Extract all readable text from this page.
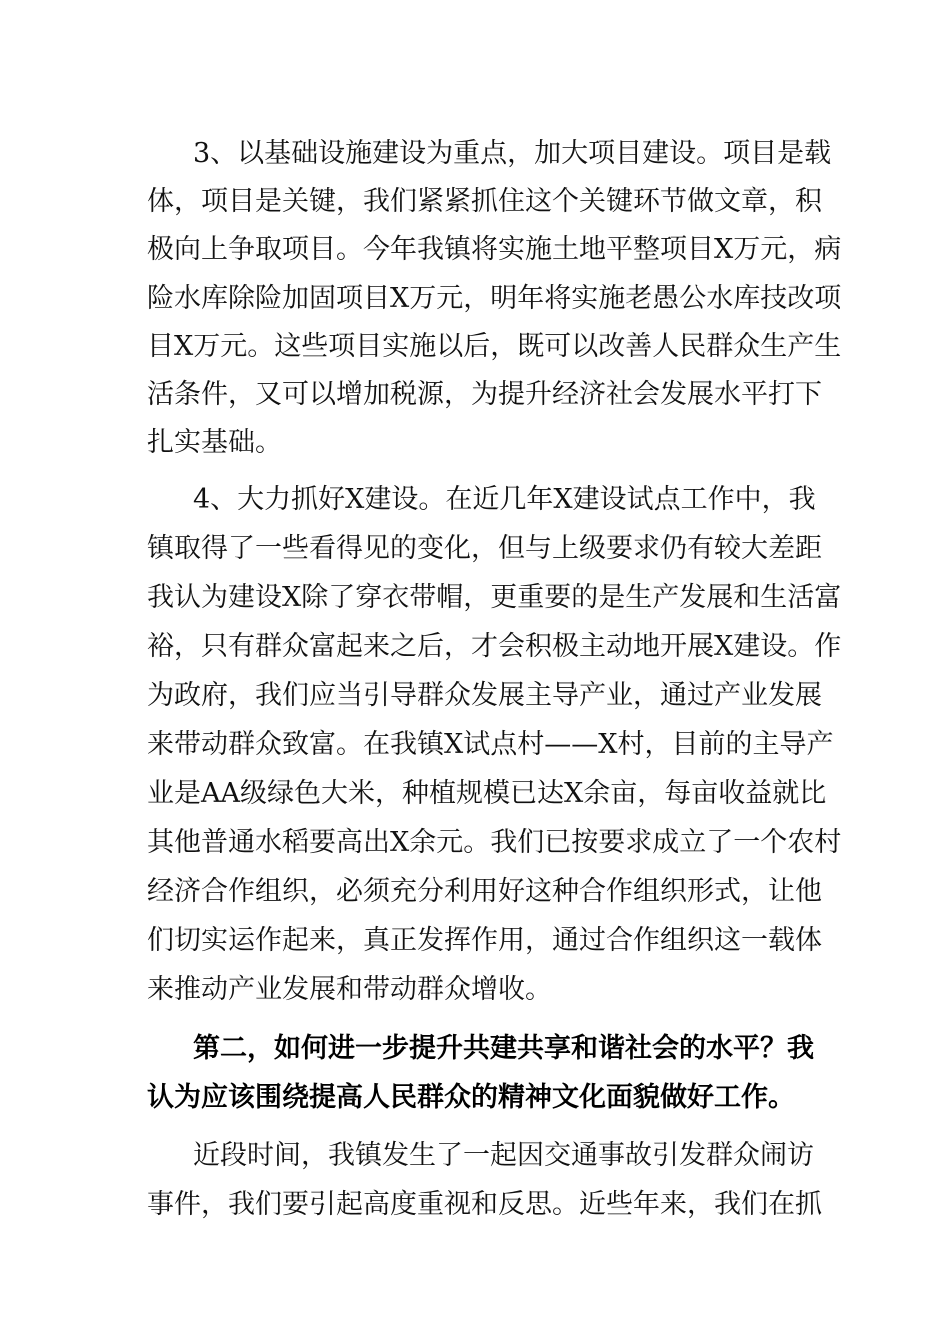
3、以基础设施建设为重点，加大项目建设。项目是载
体，项目是关键，我们紧紧抓住这个关键环节做文章，积
极向上争取项目。今年我镇将实施土地平整项目X万元，病
险水库除险加固项目X万元，明年将实施老愚公水库技改项
目X万元。这些项目实施以后，既可以改善人民群众生产生
活条件，又可以增加税源，为提升经济社会发展水平打下
扎实基础。
4、大力抓好X建设。在近几年X建设试点工作中，我
镇取得了一些看得见的变化，但与上级要求仍有较大差距
我认为建设X除了穿衣带帽，更重要的是生产发展和生活富
裕，只有群众富起来之后，才会积极主动地开展X建设。作
为政府，我们应当引导群众发展主导产业，通过产业发展
来带动群众致富。在我镇X试点村——X村，目前的主导产
业是AA级绿色大米，种植规模已达X余亩，每亩收益就比
其他普通水稻要高出X余元。我们已按要求成立了一个农村
经济合作组织，必须充分利用好这种合作组织形式，让他
们切实运作起来，真正发挥作用，通过合作组织这一载体
来推动产业发展和带动群众增收。
第二，如何进一步提升共建共享和谐社会的水平？我
认为应该围绕提高人民群众的精神文化面貌做好工作。
近段时间，我镇发生了一起因交通事故引发群众闹访
事件，我们要引起高度重视和反思。近些年来，我们在抓
